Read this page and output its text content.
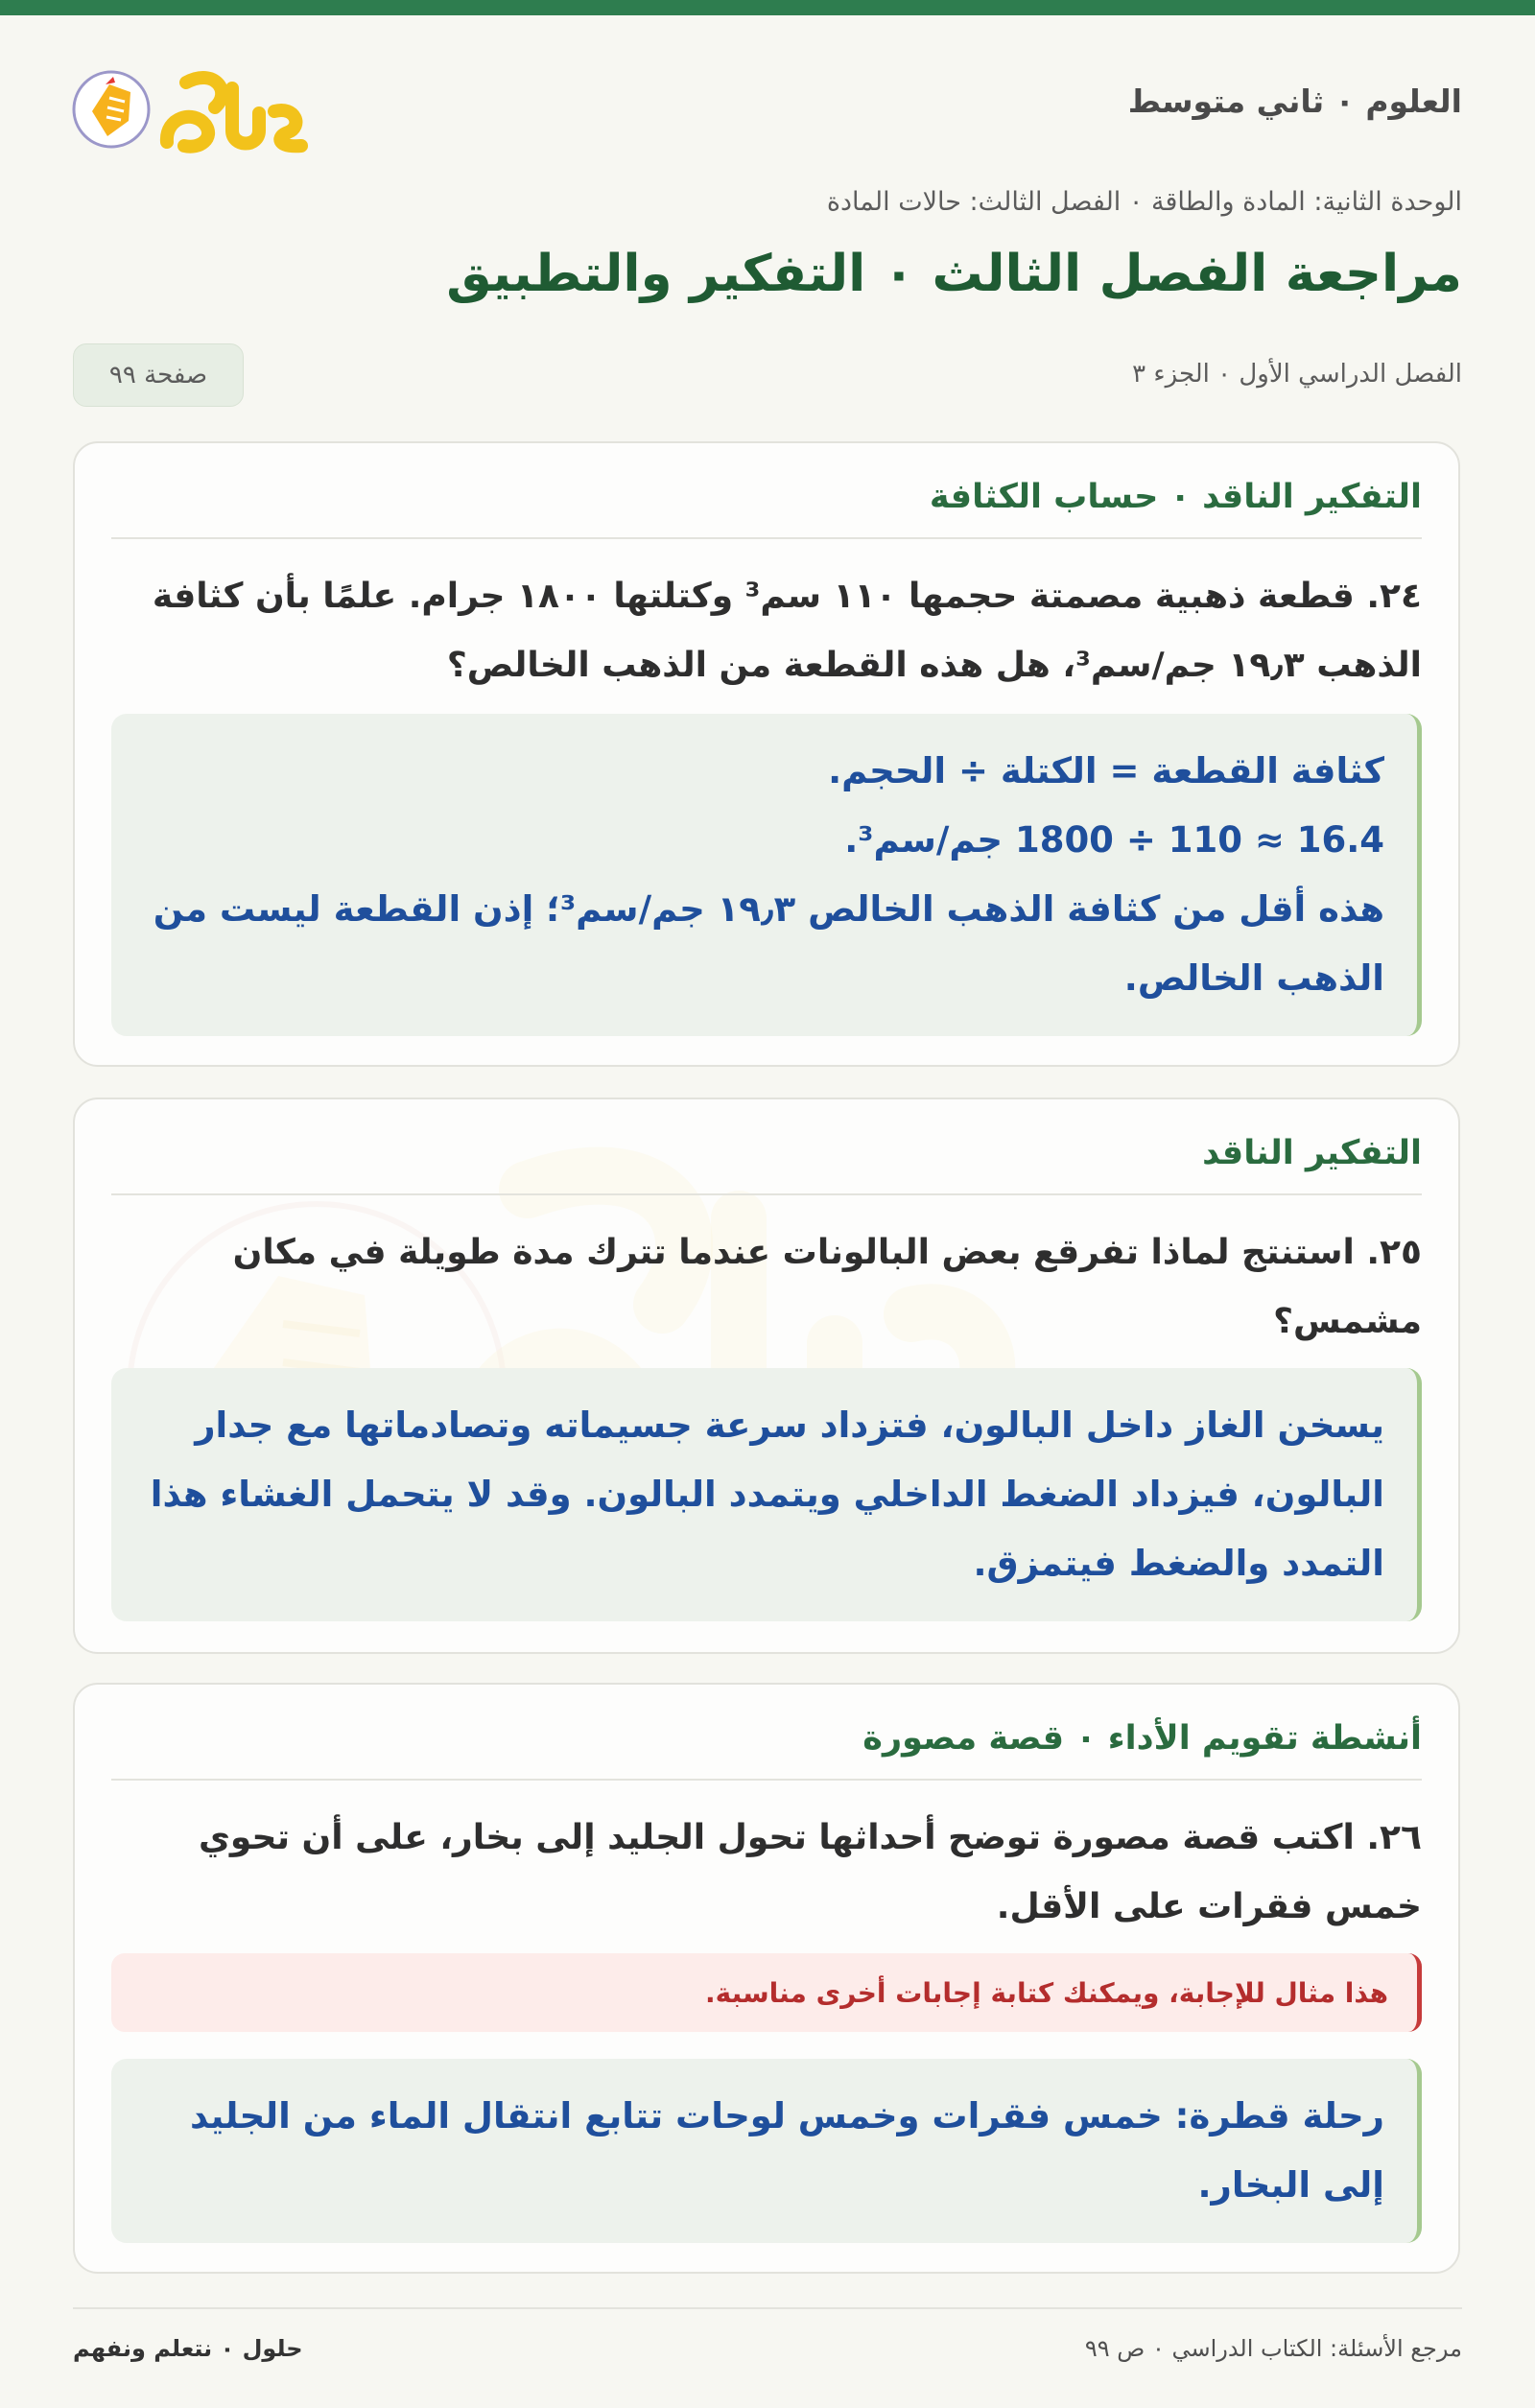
العلوم ۰ ثاني متوسط
الوحدة الثانية: المادة والطاقة ۰ الفصل الثالث: حالات المادة
مراجعة الفصل الثالث ۰ التفكير والتطبيق
الفصل الدراسي الأول ۰ الجزء ٣
صفحة ٩٩
التفكير الناقد ۰ حساب الكثافة
٢٤. قطعة ذهبية مصمتة حجمها ١١٠ سم³ وكتلتها ١٨٠٠ جرام. علمًا بأن كثافة الذهب ١٩٫٣ جم/سم³، هل هذه القطعة من الذهب الخالص؟

كثافة القطعة = الكتلة ÷ الحجم.

16.4 ≈ 110 ÷ 1800 جم/سم³.

هذه أقل من كثافة الذهب الخالص ١٩٫٣ جم/سم³؛ إذن القطعة ليست من الذهب الخالص.

التفكير الناقد
٢٥. استنتج لماذا تفرقع بعض البالونات عندما تترك مدة طويلة في مكان مشمس؟

يسخن الغاز داخل البالون، فتزداد سرعة جسيماته وتصادماتها مع جدار البالون، فيزداد الضغط الداخلي ويتمدد البالون. وقد لا يتحمل الغشاء هذا التمدد والضغط فيتمزق.

أنشطة تقويم الأداء ۰ قصة مصورة
٢٦. اكتب قصة مصورة توضح أحداثها تحول الجليد إلى بخار، على أن تحوي خمس فقرات على الأقل.
هذا مثال للإجابة، ويمكنك كتابة إجابات أخرى مناسبة.

رحلة قطرة: خمس فقرات وخمس لوحات تتابع انتقال الماء من الجليد إلى البخار.

مرجع الأسئلة: الكتاب الدراسي ۰ ص ٩٩
حلول ۰ نتعلم ونفهم
